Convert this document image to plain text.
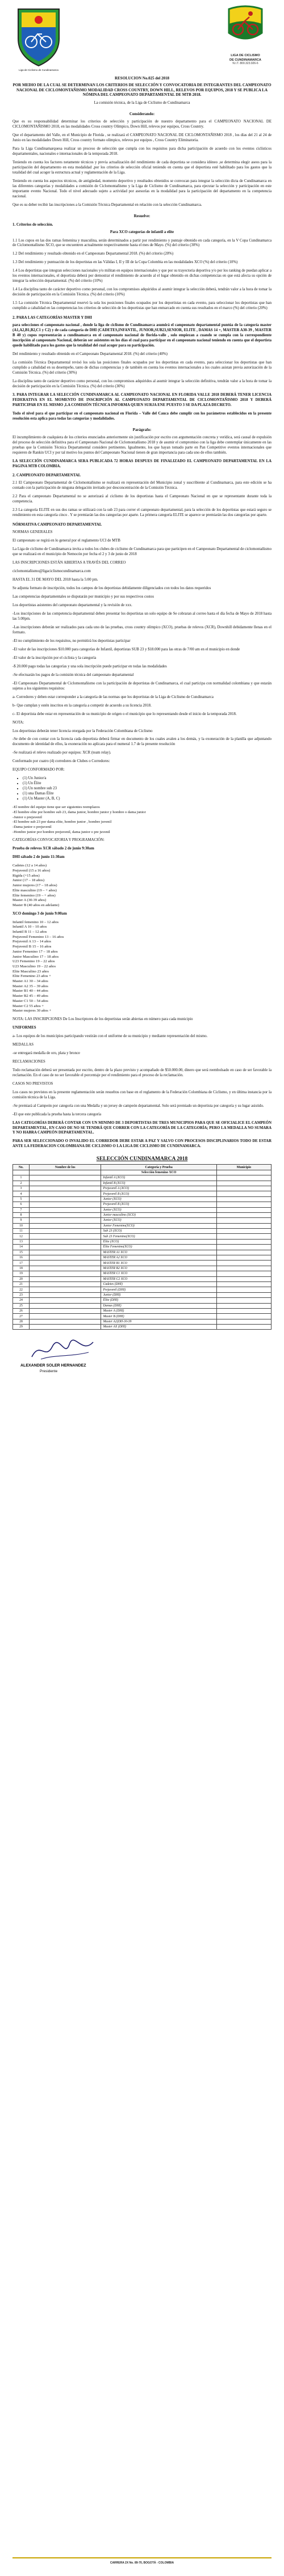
Liga de Ciclismo de Cundinamarca
LIGA DE CICLISMO
DE CUNDINAMARCA
N.I.T. 800.323.926-6
RESOLUCION No.025 del 2018
POR MEDIO DE LA CUAL SE DETERMINAN LOS CRITERIOS DE SELECCIÓN Y CONVOCATORIA DE INTEGRANTES DEL CAMPEONATO NACIONAL DE CICLOMONTAÑISMO MODALIDAD CROSS COUNTRY, DOWN HILL, RELEVOS POR EQUIPOS, 2018 Y SE PUBLICA LA NÓMINA DEL CAMPEONATO DEPARTAMENTAL DE MTB 2018.

La comisión técnica, de la Liga de Ciclismo de Cundinamarca

Considerando:

Que es su responsabilidad determinar los criterios de selección y participación de nuestro departamento para el CAMPEONATO NACIONAL DE CICLOMONTAÑISMO 2018, en las modalidades Cross country Olímpico, Down Hill, relevos por equipos, Cross Country.

Que el departamento del Valle, en el Municipio de Florida , se realizará el CAMPEONATO NACIONAL DE CICLOMONTAÑISMO 2018 , los días del 21 al 24 de Junio en las modalidades Down Hill, Cross country formato olímpico, relevos por equipos , Cross Country Eliminatoria.

Para la Liga Cundinamarquesa realizar un proceso de selección que cumpla con los requisitos para dicha participación de acuerdo con los eventos ciclísticos departamentales, nacionales e internacionales de la temporada 2018.

Teniendo en cuenta los factores netamente técnicos y previa actualización del rendimiento de cada deportista se considera idóneo ,se determina elegir aseos para la participación del departamento en esta modalidad ,por los criterios de selección oficial teniendo en cuenta que el deportista esté habilitado para los gastos que la totalidad del cual acoger la estructura actual y reglamentación de la Liga.

Teniendo en cuenta los aspectos técnicos, de antigüedad, momento deportivo y resultados obtenidos se convocan para integrar la selección dicta de Cundinamarca en las diferentes categorías y modalidades a comisión de Ciclomontañismo y la Liga de Ciclismo de Cundinamarca, para ejecutar la selección y participación en este importante evento Nacional. Todo el nivel adecuado sujeto a actividad por asesorías en la modalidad para la participación del departamento en la competencia nacional.

Que es su deber recibir las inscripciones a la Comisión Técnica Departamental en relación con la selección Cundinamarca.

Resuelve:
1. Criterios de selección.

Para XCO categorías de infantil a elite

1.1 Los cupos en las dos ramas femenina y masculina, serán determinados a partir por rendimiento y puntaje obtenido en cada categoría, en la V Copa Cundinamarca de Ciclomontañismo XCO, que se encuentren actualmente respectivamente hasta el mes de Mayo. (%) del criterio (30%)
1.2 Del rendimiento y resultado obtenido en el Campeonato Departamental 2018. (%) del criterio (20%)
1.3 Del rendimiento y puntuación de los deportistas en las Válidas I, II y III de la Copa Colombia en las modalidades XCO (%) del criterio (10%)
1.4 Los deportistas que integran selecciones nacionales y/o militan en equipos internacionales y que por su trayectoria deportiva y/o por los ranking de puedan aplicar a los eventos internacionales, el deportista deberá por demostrar el rendimiento de acuerdo al el lugar obtenido en dichas competencias en que está afecta su opción de integrar la selección departamental. (%) del criterio (10%)
1.4 La disciplina tanto de carácter deportivo como personal, con los compromisos adquiridos al asumir integrar la selección deberá, tendrán valor a la hora de tomar la decisión de participación en la Comisión Técnica. (%) del criterio (10%)
1.5 La comisión Técnica Departamental reservó la sola los posiciones finales ocupados por los deportistas en cada evento, para seleccionar los deportistas que han cumplido a cabalidad en las competencias los criterios de selección de los deportistas que han enmarcado en cuenta sus resultados en el marco (%) del criterio (20%)
2. PARA LAS CATEGORÍAS MASTER Y DHI
para selecciones el campeonato nacional , donde la liga de ciclismo de Cundinamarca asumirá el campeonato departamental puntúa de la categoría master (A1,A2,B1,B2,C1 y C2) y de cada categoría de DHI (CADETES,INFANTIL, JUNIOR,SUB23,SENIOR, ELITE , DAMAS 14 +, MASTER A30-39 , MASTER B 40 y) cupos representarán a cundinamarca en el campeonato nacional de florida-valle , solo empiezan a cuando se cumpla con la correspondiente inscripción al campeonato Nacional, deberán ser asistentes en los días el cual para participar en el campeonato nacional teniendo en cuenta que el deportista quede habilitado para los gastos que la totalidad del cual acoger para su participación.
Del rendimiento y resultado obtenido en el Campeonato Departamental 2018. (%) del criterio (40%)
La comisión Técnica Departamental revisó los sola las posiciones finales ocupados por los deportistas en cada evento, para seleccionar los deportistas que han cumplido a cabalidad en su desempeño, tanto de dichas competencias y de también en cuenta los eventos internacionales a los cuales asistan previa autorización de la Comisión Técnica. (%) del criterio (30%)
La disciplina tanto de carácter deportivo como personal, con los compromisos adquiridos al asumir integrar la selección definitiva, tendrán valor a la hora de tomar la decisión de participación en la Comisión Técnica. (%) del criterio (30%)
3. PARA INTEGRAR LA SELECCIÓN CUNDINAMARCA AL CAMPEONATO NACIONAL EN FLORIDA VALLE 2018 DEBERÁ TENER LICENCIA FEDERATIVA EN EL MOMENTO DE INSCRIPCIÓN AL CAMPEONATO DEPARTAMENTAL DE CICLOMONTAÑISMO 2018 Y DEBERÁ PARTICIPAR EN EL MISMO ,LA COMISIÓN TÉCNICA INFORMA QUIEN SURJA ENE PUESTO 3 SE DA PLAZA DECRETO.
Todo el nivel para el que participar en el campeonato nacional en Florida – Valle del Cauca debe cumplir con los parámetros establecidos en la presente resolución esta aplica para todas las categorías y modalidades.
Parágrafo:

El incumplimiento de cualquiera de los criterios enunciados anteriormente sin justificación por escrito con argumentación concreta y verídica, será causal de expulsión del proceso de selección definitiva para el Campeonato Nacional de Ciclomontañismo 2018 y de asumir el compromiso con la liga debe contemplar únicamente en las pruebas que la Comisión Técnica Departamental considere pertinentes. Igualmente, los que hayan tomado parte en Pan Competitive eventos internacionales que requieren de Rankin UCI y por tal motivo los puntos del Campeonato Nacional tienen de gran importancia para cada uno de ellos también.

LA SELECCIÓN CUNDINAMARCA SERA PUBLICADA 72 HORAS DESPUES DE FINALIZADO EL CAMPEONATO DEPARTAMENTAL EN LA PAGINA MTB COLOMBIA.
2. CAMPEONATO DEPARTAMENTAL

2.1 El Campeonato Departamental de Ciclomontañismo se realizará en representación del Municipio zonal y suscribiente al Cundinamarca, para este edición se ha contado con la participación de ninguna delegación invitado por desconcentración de la Comisión Técnica.

2.2 Para el campeonato Departamental no se autorizará al ciclismo de los deportistas hasta el Campeonato Nacional en que se representante durante toda la competencia.

2.3 La categoría ELITE en sus dos ramas se utilizará con la sub 23 para correr el campeonato departamental, para la selección de los deportistas que estará seguro se rendimiento en esta categoría cinco . Y se premiarán las dos categorías por aparte. La primera categoría ELITE se aparece se premiarán las dos categorías por aparte.

NÓRMATIVA CAMPEONATO DEPARTAMENTAL
NORMAS GENERALES
El campeonato se regirá en lo general por el reglamento UCI de MTB
La Liga de ciclismo de Cundinamarca invita a todos los clubes de ciclismo de Cundinamarca para que participen en el Campeonato Departamental de ciclomontañismo que se realizará en el municipio de Nemocón por fecha el 2 y 3 de junio de 2018
LAS INSCRIPCIONES ESTÁN ABIERTAS A TRAVÉS DEL CORREO
ciclomontañismo@ligaciclismocundinamarca.com
HASTA EL 31 DE MAYO DEL 2018 hasta la 5:00 pm.
Se adjunta formato de inscripción, todos los campos de los deportistas debidamente diligenciados con todos los datos requeridos
Las competencias departamentales se disputarán por municipio y por sus respectivos costos
Los deportistas asistentes del campeonato departamental y la revisión de xxx.
-Los inscripciones de las competencia departamental deben presentar los deportistas un solo equipo de Se cobraran al correo hasta el día fecha de Mayo de 2018 hasta las 5:00pm.
-Las inscripciones deberán ser realizados para cada uno de las pruebas, cross country olímpico (XCO), pruebas de relevos (XCR), Downhill debidamente llenas en el formato.
-El no cumplimiento de los requisitos, no permitirá los deportistas participar
-El valor de las inscripciones $10.000 para categorías de Infantil, deportistas SUB 23 y $18.000 para las otras de 7/00 am en el municipio en donde
-El valor de la inscripción por el ciclista y la categoría
-$ 20.000 pago todas las categorías y una sola inscripción puede participar en todas las modalidades
-Se efectuarán los pagos de la comisión técnica del campeonato departamental
-El Campeonato Departamental de Ciclomontañismo con la participación de deportistas de Cundinamarca, el cual participa con normalidad colombiana y que estarán sujetos a los siguientes requisitos:
a- Corredores y deben estar corresponder a la categoría de las normas que los deportistas de la Liga de Ciclismo de Cundinamarca
b- Que cumplan y estén inscritos en la categoría a competir de acuerdo a su licencia 2018.
c- El deportista debe estar en representación de su municipio de origen o el municipio que lo representando desde el inicio de la temporada 2018.
NOTA:
Los deportistas deberán tener licencia otorgada por la Federación Colombiana de Ciclismo
-Se debe de con contar con la licencia cada deportista deberá firmar en documento de los cuales avalen a los demás, y la exoneración de la planilla que adjuntando documento de identidad de ellos, la exoneración no aplicara para el numeral 1.7 de la presente resolución
-Se realizará el relevo realizado por equipos: XCR (team relay).
Conformado por cuatro (4) corredores de Clubes o Corredores:
EQUIPO CONFORMADO POR:
• (1) Un Junior/a
• (1) Un Élite
• (1) Un nombre sub 23
• (1) una Damas Élite
• (1) Un Master (A, B, C)
-El nombre del equipo tiene que ser siguientes reemplazos
-El hombre elite por hombre sub 23, dama junior, hombre junior y hombre o dama junior
-Junior o prejuvenil
-El hombre sub 23 por dama elite, hombre junior , hombre juvenil
-Dama junior o prejuvenil
-Hombre junior por hombre prejuvenil, dama junior o pre juvenil
CATEGORÍAS CONVOCATORIA Y PROGRAMACIÓN:
Prueba de relevos XCR sábado 2 de junio 9:30am
DHI sábado 2 de junio 11:30am
Cadetes (12 a 14 años)
Prejuvenil (15 a 16 años)
Rigida (+15 años)
Junior (17 – 18 años)
Junior mujeres (17 – 18 años)
Elite masculino (19 – + años)
Elite femenino (19 – + años)
Master A (30-39 años)
Master B (40 años en adelante)
XCO domingo 3 de junio 9:00am
Infantil femenino 10 – 12 años
Infantil A 10 – 10 años
Infantil B 11 – 12 años
Prejuvenil Femenino 13 – 16 años
Prejuvenil A 13 – 14 años
Prejuvenil B 15 – 16 años
Junior Femenino 17 – 18 años
Junior Masculino 17 – 18 años
U23 Femenino 19 – 22 años
U23 Masculino 19 – 22 años
Elite Masculino 23 años
Elite Femenino 23 años +
Master A1 30 – 34 años
Master A2 35 – 39 años
Master B1 40 – 44 años
Master B2 45 – 49 años
Master C1 50 – 54 años
Master C2 55 años +
Master mujeres 30 años +

NOTA: LAS INSCRIPCIONES De Los Inscriptores de los deportistas serán abiertas en número para cada municipio

UNIFORMES
a- Los equipos de los municipios participando vestirán con el uniforme de su municipio y mediante representación del mismo.
MEDALLAS
-se entregará medalla de oro, plata y bronce
RECLAMACIONES
Todo reclamación deberá ser presentada por escrito, dentro de la plazo previsto y acompañado de $50.000.00, dinero que será reembolsado en caso de ser favorable la reclamación. En el caso de no ser favorable el porcentaje por el rendimiento para el proceso de la reclamación.
CASOS NO PREVISTOS
Los casos no previstos en la presente reglamentación serán resueltos con base en el reglamento de la Federación Colombiana de Ciclismo, y en última instancia por la comisión técnica de la Liga.
-Se premiará al Campeón por categoría con una Medalla y un jersey de campeón departamental. Solo será premiado un deportista por categoría y su lugar asistido.
-El que este publicada la prueba hasta la tercera categoría

LAS CATEGORÍAS DEBERÁ CONTAR CON UN MINIMO DE 3 DEPORTISTAS DE TRES MUNICIPIOS PARA QUE SE OFICIALICE EL CAMPEÓN DEPARTAMENTAL, EN CASO DE NO SE TENDRÁ QUE CORRER CON LA CATEGORÍA DE LA CATEGORÍA; PERO LA MEDALLA NO SUMARA Y NO HABRA CAMPEÓN DEPARTAMENTAL.

PARA SER SELECCIONADO O INVALIDO EL CORREDOR DEBE ESTAR A PAZ Y SALVO CON PROCESOS DISCIPLINARIOS TODO DE ESTAR ANTE LA FEDERACION COLOMBIANA DE CICLISMO O LA LIGA DE CICLISMO DE CUNDINAMARCA.

SELECCIÓN CUNDINAMARCA 2018
No.	Nombre de los	Categoría y Prueba	Municipio
		Selección femenino XCO	
1		Infantil A (XCO)	
2		Infantil B (XCO)	
3		Prejuvenil A (XCO)	
4		Prejuvenil B (XCO)	
5		Junior (XCO)	
6		Prejuvenil B (XCO)	
7		Junior (XCO)	
8		Junior masculino (XCO)	
9		Junior (XCO)	
10		Junior Femenino(XCO)	
11		Sub 23 (XCO)	
12		Sub 23 Femenino(XCO)	
13		Élite (XCO)	
14		Élite Femenino(XCO)	
15		MASTER A1 XCO	
16		MASTER A2 XCO	
17		MASTER B1 XCO	
18		MASTER B2 XCO	
19		MASTER C1 XCO	
20		MASTER C2 XCO	
21		Cadetes (DHI)	
22		Prejuvenil (DHI)	
23		Junior (DHI)	
24		Élite (DHI)	
25		Damas (DHI)	
26		Master A (DHI)	
27		Master B (DHI)	
28		Master A2(DH-30-39	
29		Master AX (DHI)	
ALEXANDER SOLER HERNANDEZ
Presidente
CARRERA 2X No. 89-70, BOGOTÁ - COLOMBIA
